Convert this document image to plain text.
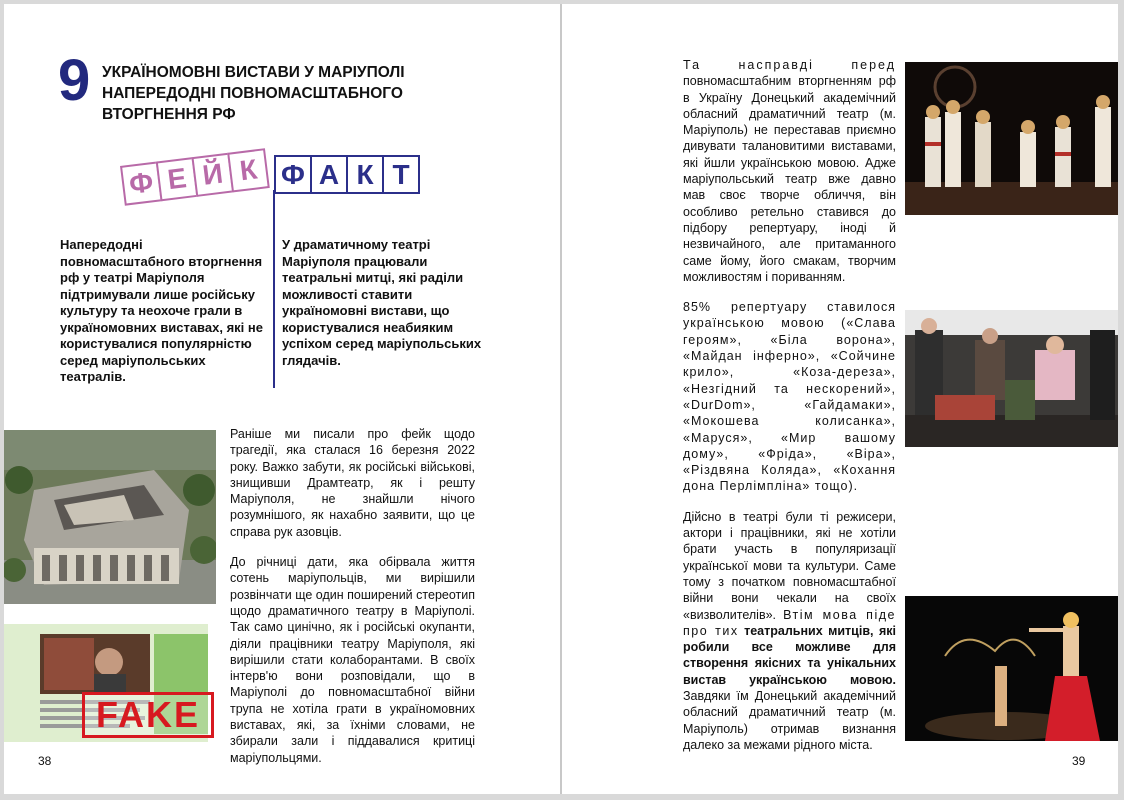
9 УКРАЇНОМОВНІ ВИСТАВИ У МАРІУПОЛІ НАПЕРЕДОДНІ ПОВНОМАСШТАБНОГО ВТОРГНЕННЯ РФ
Ф Е Й К Ф А К Т
Напередодні повномасштабного вторгнення рф у театрі Маріуполя підтримували лише російську культуру та неохоче грали в україномовних виставах, які не користувалися популярністю серед маріупольських театралів.
У драматичному театрі Маріуполя працювали театральні митці, які раділи можливості ставити україномовні вистави, що користувалися неабияким успіхом серед маріупольських глядачів.
FAKE

Раніше ми писали про фейк щодо трагедії, яка сталася 16 березня 2022 року. Важко забути, як російські військові, знищивши Драмтеатр, як і решту Маріуполя, не знайшли нічого розумнішого, як нахабно заявити, що це справа рук азовців.

До річниці дати, яка обірвала життя сотень маріупольців, ми вирішили розвінчати ще один поширений стереотип щодо драматичного театру в Маріуполі. Так само цинічно, як і російські окупанти, діяли працівники театру Маріуполя, які вирішили стати колаборантами. В своїх інтерв'ю вони розповідали, що в Маріуполі до повномасштабної війни трупа не хотіла грати в україномовних виставах, які, за їхніми словами, не збирали зали і піддавалися критиці маріупольцями.

38

Та насправді перед повномасштабним вторгненням рф в Україну Донецький академічний обласний драматичний театр (м. Маріуполь) не переставав приємно дивувати талановитими виставами, які йшли українською мовою. Адже маріупольський театр вже давно мав своє творче обличчя, він особливо ретельно ставився до підбору репертуару, іноді й незвичайного, але притаманного саме йому, його смакам, творчим можливостям і пориванням.

85% репертуару ставилося українською мовою («Слава героям», «Біла ворона», «Майдан інферно», «Сойчине крило», «Коза-дереза», «Незгідний та нескорений», «DurDom», «Гайдамаки», «Мокошева колисанка», «Маруся», «Мир вашому дому», «Фріда», «Віра», «Різдвяна Коляда», «Кохання дона Перлімпліна» тощо).

Дійсно в театрі були ті режисери, актори і працівники, які не хотіли брати участь в популяризації української мови та культури. Саме тому з початком повномасштабної війни вони чекали на своїх «визволителів». Втім мова піде про тих театральних митців, які робили все можливе для створення якісних та унікальних вистав українською мовою. Завдяки їм Донецький академічний обласний драматичний театр (м. Маріуполь) отримав визнання далеко за межами рідного міста.

39
